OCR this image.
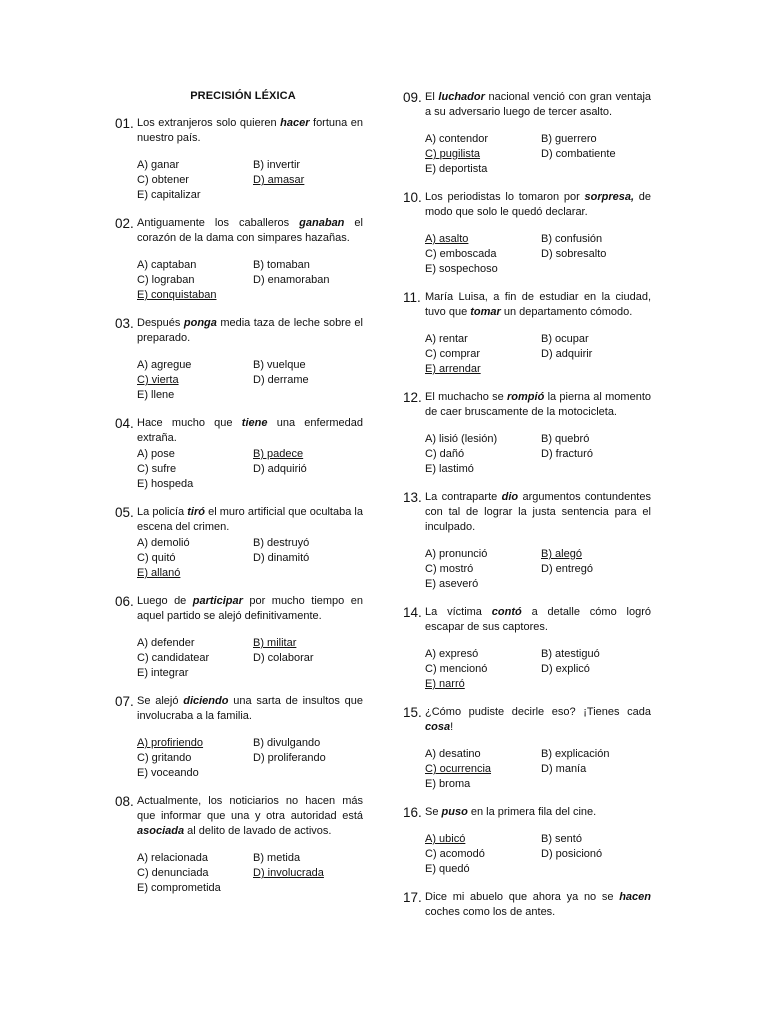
PRECISIÓN LÉXICA
01. Los extranjeros solo quieren hacer fortuna en nuestro país.
A) ganar	B) invertir
C) obtener	D) amasar
E) capitalizar
02. Antiguamente los caballeros ganaban el corazón de la dama con simpares hazañas.
A) captaban	B) tomaban
C) lograban	D) enamoraban
E) conquistaban
03. Después ponga media taza de leche sobre el preparado.
A) agregue	B) vuelque
C) vierta	D) derrame
E) llene
04. Hace mucho que tiene una enfermedad extraña.
A) pose	B) padece
C) sufre	D) adquirió
E) hospeda
05. La policía tiró el muro artificial que ocultaba la escena del crimen.
A) demolió	B) destruyó
C) quitó	D) dinamitó
E) allanó
06. Luego de participar por mucho tiempo en aquel partido se alejó definitivamente.
A) defender	B) militar
C) candidatear	D) colaborar
E) integrar
07. Se alejó diciendo una sarta de insultos que involucraba a la familia.
A) profiriendo	B) divulgando
C) gritando	D) proliferando
E) voceando
08. Actualmente, los noticiarios no hacen más que informar que una y otra autoridad está asociada al delito de lavado de activos.
A) relacionada	B) metida
C) denunciada	D) involucrada
E) comprometida
09. El luchador nacional venció con gran ventaja a su adversario luego de tercer asalto.
A) contendor	B) guerrero
C) pugilista	D) combatiente
E) deportista
10. Los periodistas lo tomaron por sorpresa, de modo que solo le quedó declarar.
A) asalto	B) confusión
C) emboscada	D) sobresalto
E) sospechoso
11. María Luisa, a fin de estudiar en la ciudad, tuvo que tomar un departamento cómodo.
A) rentar	B) ocupar
C) comprar	D) adquirir
E) arrendar
12. El muchacho se rompió la pierna al momento de caer bruscamente de la motocicleta.
A) lisió (lesión)	B) quebró
C) dañó	D) fracturó
E) lastimó
13. La contraparte dio argumentos contundentes con tal de lograr la justa sentencia para el inculpado.
A) pronunció	B) alegó
C) mostró	D) entregó
E) aseveró
14. La víctima contó a detalle cómo logró escapar de sus captores.
A) expresó	B) atestiguó
C) mencionó	D) explicó
E) narró
15. ¿Cómo pudiste decirle eso? ¡Tienes cada cosa!
A) desatino	B) explicación
C) ocurrencia	D) manía
E) broma
16. Se puso en la primera fila del cine.
A) ubicó	B) sentó
C) acomodó	D) posicionó
E) quedó
17. Dice mi abuelo que ahora ya no se hacen coches como los de antes.
